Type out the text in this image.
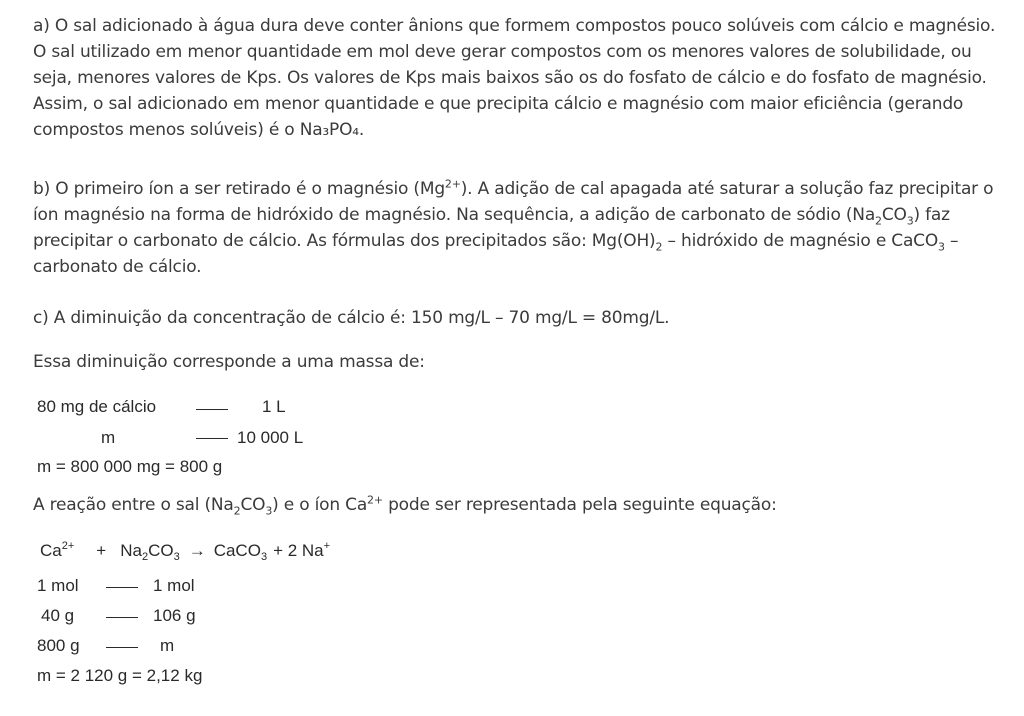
a) O sal adicionado à água dura deve conter ânions que formem compostos pouco solúveis com cálcio e magnésio. O sal utilizado em menor quantidade em mol deve gerar compostos com os menores valores de solubilidade, ou seja, menores valores de Kps. Os valores de Kps mais baixos são os do fosfato de cálcio e do fosfato de magnésio. Assim, o sal adicionado em menor quantidade e que precipita cálcio e magnésio com maior eficiência (gerando compostos menos solúveis) é o Na₃PO₄.

b) O primeiro íon a ser retirado é o magnésio $(Mg^{2+})$. A adição de cal apagada até saturar a solução faz precipitar o íon magnésio na forma de hidróxido de magnésio. Na sequência, a adição de carbonato de sódio $(Na_2CO_3)$ faz precipitar o carbonato de cálcio. As fórmulas dos precipitados são: $Mg(OH)_2$ – hidróxido de magnésio e CaCO$_3$ – carbonato de cálcio.

c) A diminuição da concentração de cálcio é: 150 mg/L – 70 mg/L = 80mg/L.

Essa diminuição corresponde a uma massa de:

80 mg de cálcio	1 L
m	10 000 L
m = 800 000 mg = 800 g

A reação entre o sal $(Na_2CO_3)$ e o íon $Ca^{2+}$ pode ser representada pela seguinte equação:

$Ca^{2+} + Na_2CO_3$ → CaCO$_3$ + 2 Na+
1 mol	1 mol
40 g	106 g
800 g	m
m = 2 120 g = 2,12 kg
